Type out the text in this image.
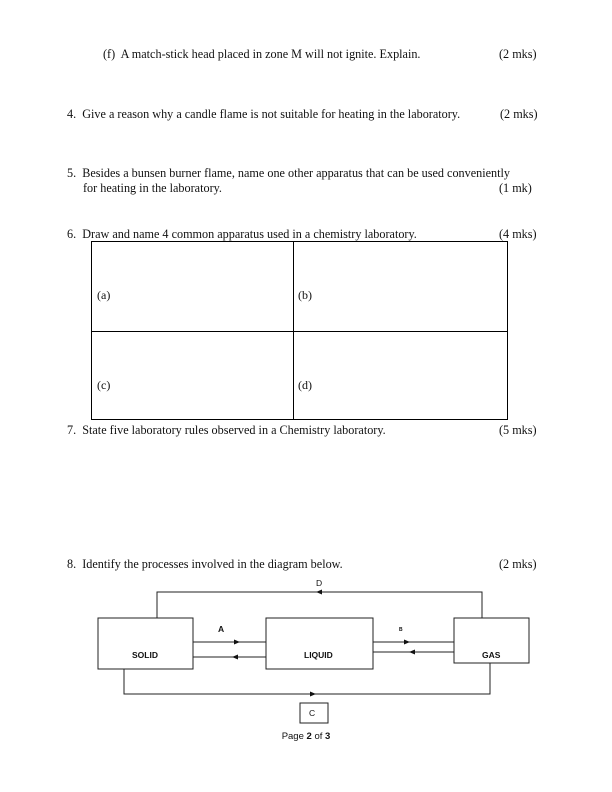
(f) A match-stick head placed in zone M will not ignite. Explain.	(2 mks)
4. Give a reason why a candle flame is not suitable for heating in the laboratory.	(2 mks)
5. Besides a bunsen burner flame, name one other apparatus that can be used conveniently
for heating in the laboratory.	(1 mk)
6. Draw and name 4 common apparatus used in a chemistry laboratory.	(4 mks)
(a)	(b)
(c)	(d)
7. State five laboratory rules observed in a Chemistry laboratory.	(5 mks)
8. Identify the processes involved in the diagram below.	(2 mks)
SOLID	LIQUID	GAS
A	B
C
D
Page 2 of 3
